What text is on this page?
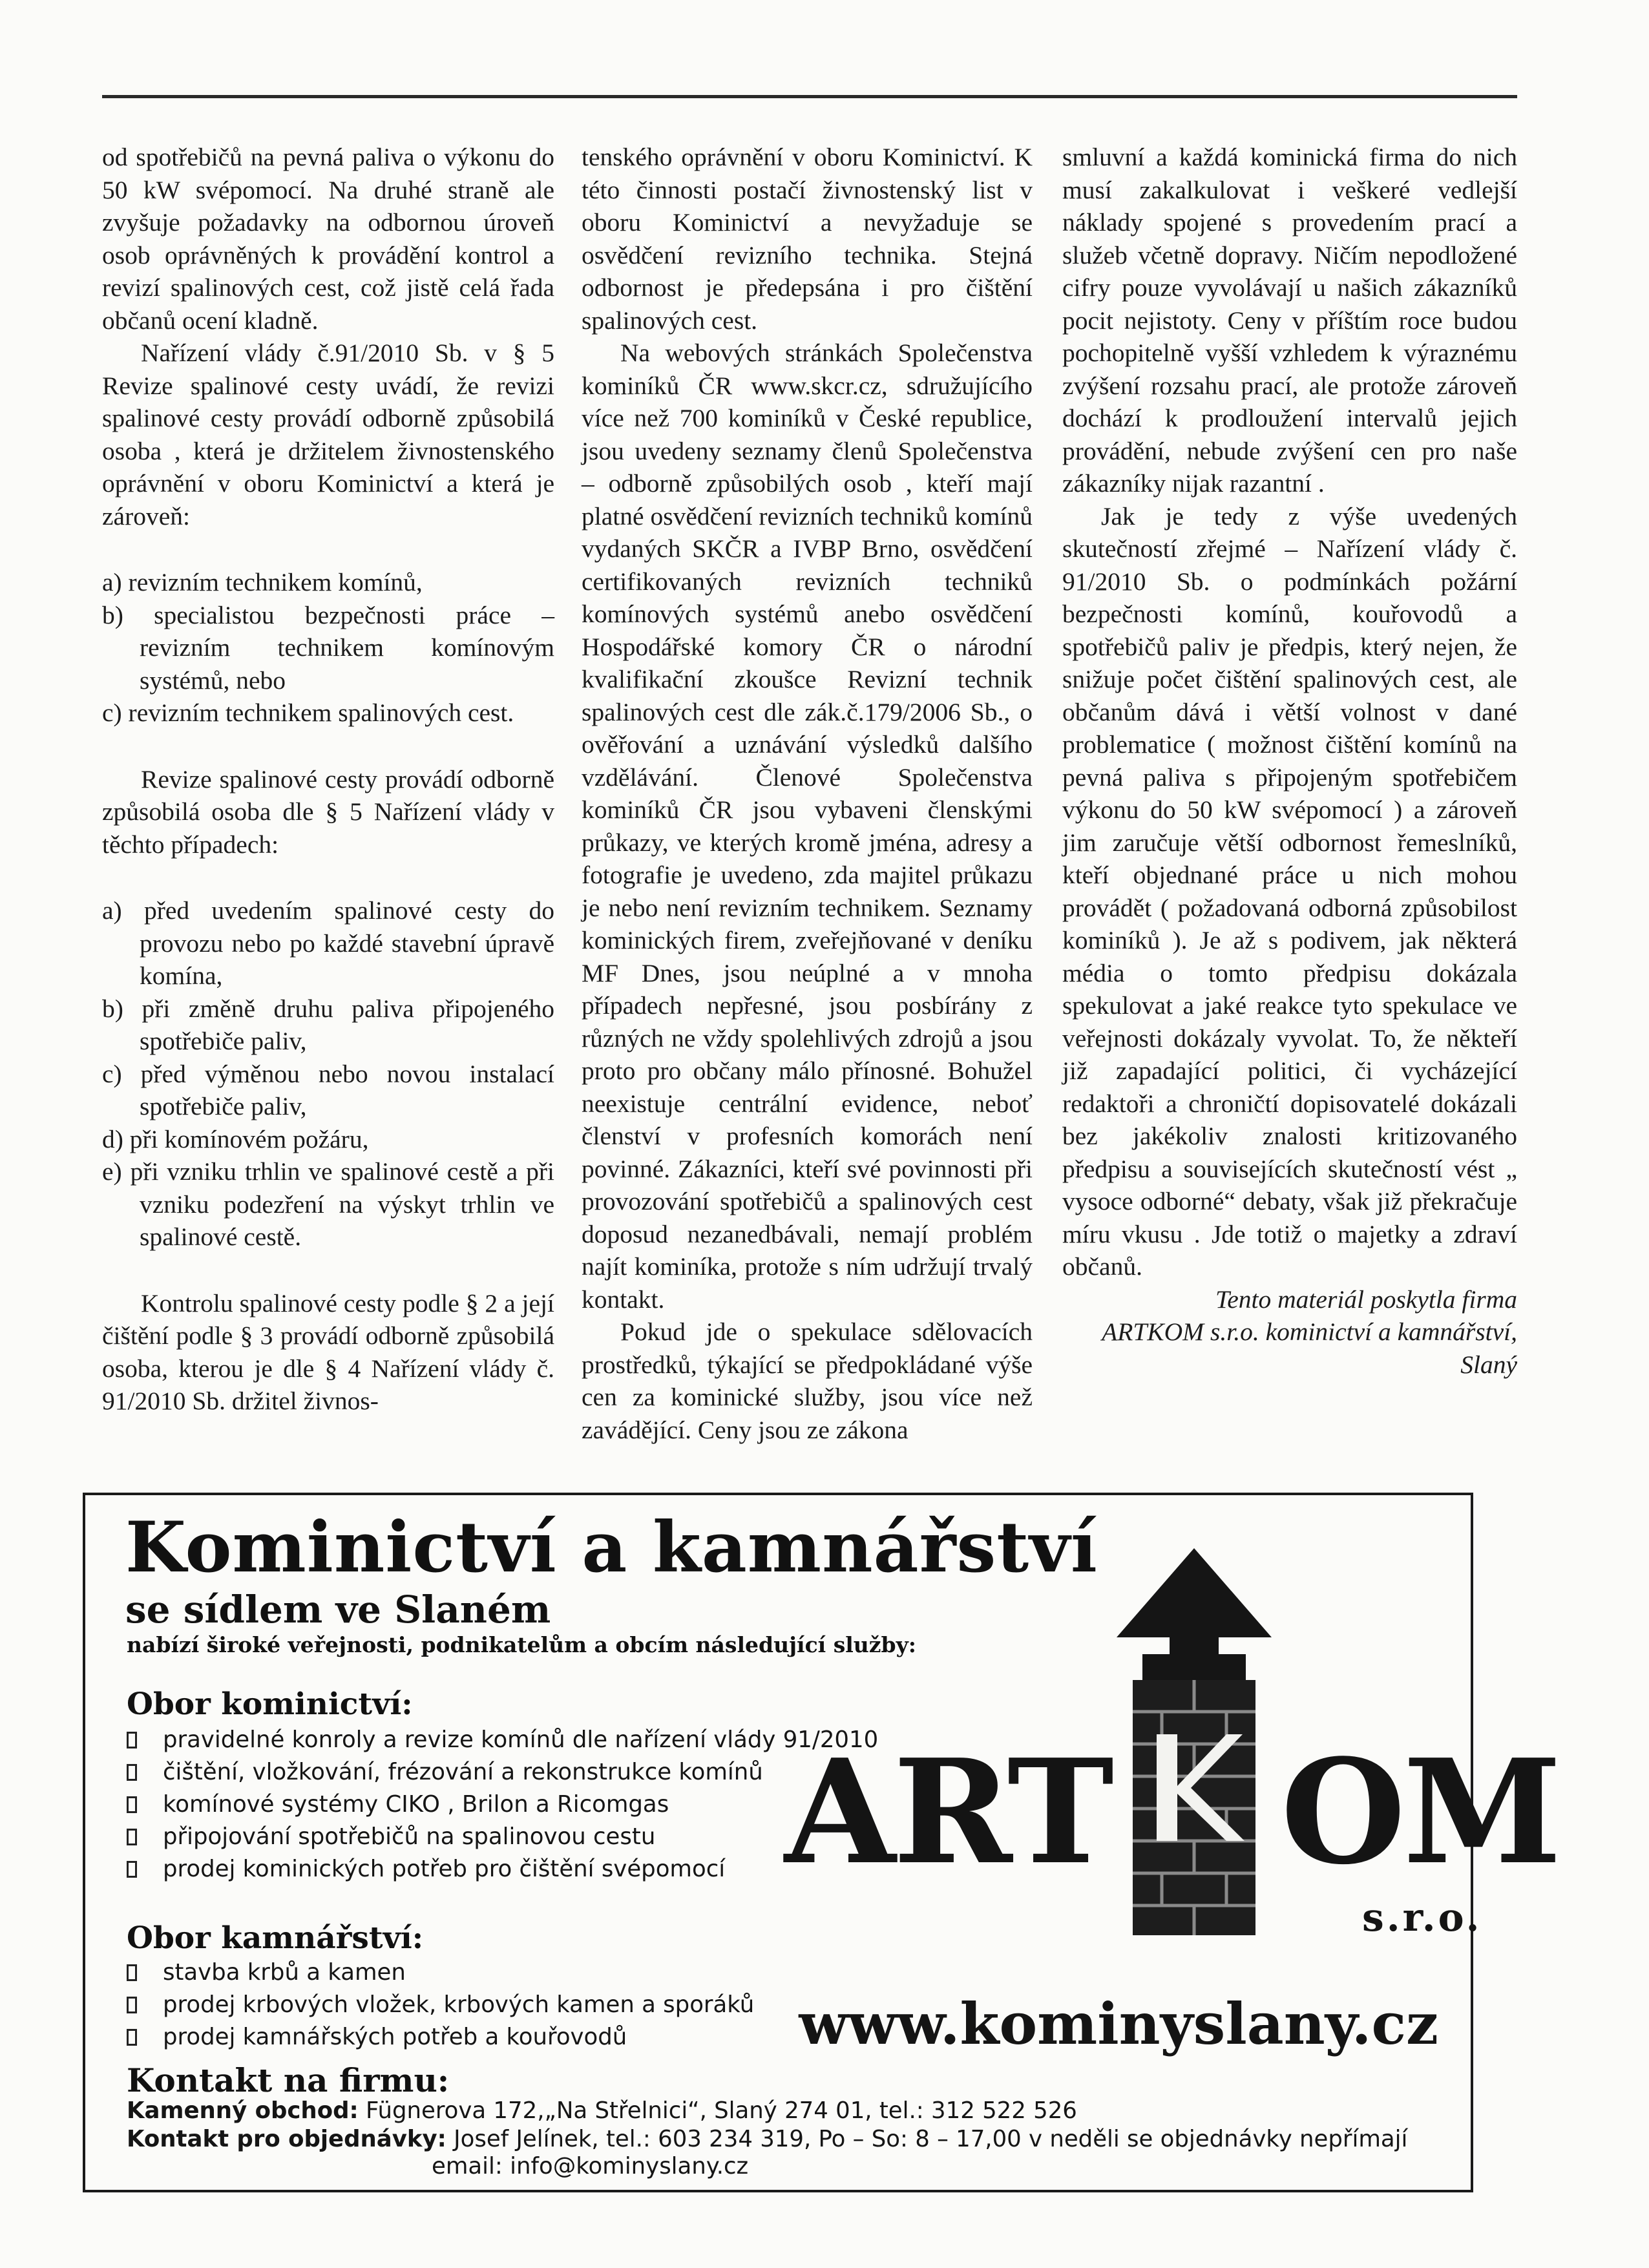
od spotřebičů na pevná paliva o výkonu do 50 kW svépomocí. Na druhé straně ale zvyšuje požadavky na odbornou úroveň osob oprávněných k provádění kontrol a revizí spalinových cest, což jistě celá řada občanů ocení kladně.

Nařízení vlády č.91/2010 Sb. v § 5 Revize spalinové cesty uvádí, že revizi spalinové cesty provádí odborně způsobilá osoba , která je držitelem živnostenského oprávnění v oboru Kominictví a která je zároveň:

a) revizním technikem komínů,
b) specialistou bezpečnosti práce – revizním technikem komínovým systémů, nebo
c) revizním technikem spalinových cest.

Revize spalinové cesty provádí odborně způsobilá osoba dle § 5 Nařízení vlády v těchto případech:

a) před uvedením spalinové cesty do provozu nebo po každé stavební úpravě komína,
b) při změně druhu paliva připojeného spotřebiče paliv,
c) před výměnou nebo novou instalací spotřebiče paliv,
d) při komínovém požáru,
e) při vzniku trhlin ve spalinové cestě a při vzniku podezření na výskyt trhlin ve spalinové cestě.

Kontrolu spalinové cesty podle § 2 a její čištění podle § 3 provádí odborně způsobilá osoba, kterou je dle § 4 Nařízení vlády č. 91/2010 Sb. držitel živnos-

tenského oprávnění v oboru Kominictví. K této činnosti postačí živnostenský list v oboru Kominictví a nevyžaduje se osvědčení revizního technika. Stejná odbornost je předepsána i pro čištění spalinových cest.

Na webových stránkách Společenstva kominíků ČR www.skcr.cz, sdružujícího více než 700 kominíků v České republice, jsou uvedeny seznamy členů Společenstva – odborně způsobilých osob , kteří mají platné osvědčení revizních techniků komínů vydaných SKČR a IVBP Brno, osvědčení certifikovaných revizních techniků komínových systémů anebo osvědčení Hospodářské komory ČR o národní kvalifikační zkoušce Revizní technik spalinových cest dle zák.č.179/2006 Sb., o ověřování a uznávání výsledků dalšího vzdělávání. Členové Společenstva kominíků ČR jsou vybaveni členskými průkazy, ve kterých kromě jména, adresy a fotografie je uvedeno, zda majitel průkazu je nebo není revizním technikem. Seznamy kominických firem, zveřejňované v deníku MF Dnes, jsou neúplné a v mnoha případech nepřesné, jsou posbírány z různých ne vždy spolehlivých zdrojů a jsou proto pro občany málo přínosné. Bohužel neexistuje centrální evidence, neboť členství v profesních komorách není povinné. Zákazníci, kteří své povinnosti při provozování spotřebičů a spalinových cest doposud nezanedbávali, nemají problém najít kominíka, protože s ním udržují trvalý kontakt.

Pokud jde o spekulace sdělovacích prostředků, týkající se předpokládané výše cen za kominické služby, jsou více než zavádějící. Ceny jsou ze zákona

smluvní a každá kominická firma do nich musí zakalkulovat i veškeré vedlejší náklady spojené s provedením prací a služeb včetně dopravy. Ničím nepodložené cifry pouze vyvolávají u našich zákazníků pocit nejistoty. Ceny v příštím roce budou pochopitelně vyšší vzhledem k výraznému zvýšení rozsahu prací, ale protože zároveň dochází k prodloužení intervalů jejich provádění, nebude zvýšení cen pro naše zákazníky nijak razantní .

Jak je tedy z výše uvedených skutečností zřejmé – Nařízení vlády č. 91/2010 Sb. o podmínkách požární bezpečnosti komínů, kouřovodů a spotřebičů paliv je předpis, který nejen, že snižuje počet čištění spalinových cest, ale občanům dává i větší volnost v dané problematice ( možnost čištění komínů na pevná paliva s připojeným spotřebičem výkonu do 50 kW svépomocí ) a zároveň jim zaručuje větší odbornost řemeslníků, kteří objednané práce u nich mohou provádět ( požadovaná odborná způsobilost kominíků ). Je až s podivem, jak některá média o tomto předpisu dokázala spekulovat a jaké reakce tyto spekulace ve veřejnosti dokázaly vyvolat. To, že někteří již zapadající politici, či vycházející redaktoři a chroničtí dopisovatelé dokázali bez jakékoliv znalosti kritizovaného předpisu a souvisejících skutečností vést „ vysoce odborné“ debaty, však již překračuje míru vkusu . Jde totiž o majetky a zdraví občanů.

Tento materiál poskytla firma

ARTKOM s.r.o. kominictví a kamnářství,

Slaný

Kominictví a kamnářství
se sídlem ve Slaném
nabízí široké veřejnosti, podnikatelům a obcím následující služby:
Obor kominictví:
pravidelné konroly a revize komínů dle nařízení vlády 91/2010
čištění, vložkování, frézování a rekonstrukce komínů
komínové systémy CIKO , Brilon a Ricomgas
připojování spotřebičů na spalinovou cestu
prodej kominických potřeb pro čištění svépomocí
Obor kamnářství:
stavba krbů a kamen
prodej krbových vložek, krbových kamen a sporáků
prodej kamnářských potřeb a kouřovodů
ART OM
s.r.o.
www.kominyslany.cz
Kontakt na firmu:
Kamenný obchod: Fügnerova 172,„Na Střelnici“, Slaný 274 01, tel.: 312 522 526
Kontakt pro objednávky: Josef Jelínek, tel.: 603 234 319, Po – So: 8 – 17,00 v neděli se objednávky nepřímají
email: info@kominyslany.cz
